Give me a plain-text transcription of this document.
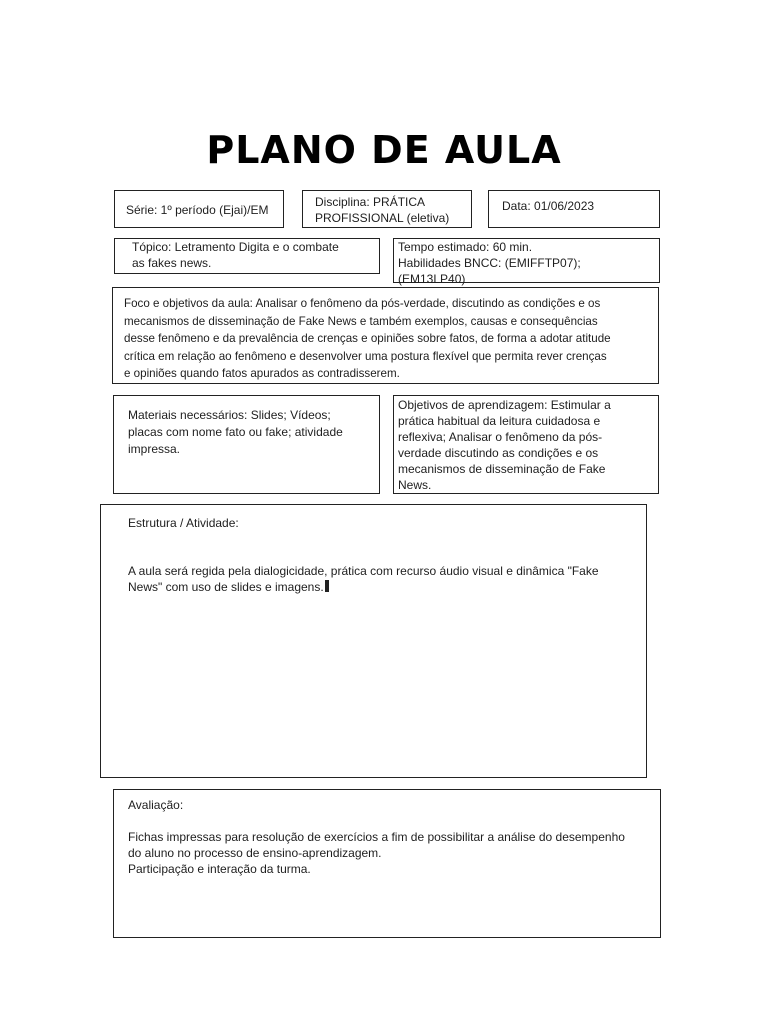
PLANO DE AULA

Série: 1º período (Ejai)/EM

Disciplina: PRÁTICA

PROFISSIONAL (eletiva)

Data: 01/06/2023

Tópico: Letramento Digita e o combate

as fakes news.

Tempo estimado: 60 min.

Habilidades BNCC: (EMIFFTP07);

(EM13LP40)

Foco e objetivos da aula: Analisar o fenômeno da pós-verdade, discutindo as condições e os

mecanismos de disseminação de Fake News e também exemplos, causas e consequências

desse fenômeno e da prevalência de crenças e opiniões sobre fatos, de forma a adotar atitude

crítica em relação ao fenômeno e desenvolver uma postura flexível que permita rever crenças

e opiniões quando fatos apurados as contradisserem.

Materiais necessários: Slides; Vídeos;

placas com nome fato ou fake; atividade

impressa.

Objetivos de aprendizagem: Estimular a

prática habitual da leitura cuidadosa e

reflexiva; Analisar o fenômeno da pós-

verdade discutindo as condições e os

mecanismos de disseminação de Fake

News.

Estrutura / Atividade:

A aula será regida pela dialogicidade, prática com recurso áudio visual e dinâmica "Fake

News" com uso de slides e imagens.

Avaliação:

Fichas impressas para resolução de exercícios a fim de possibilitar a análise do desempenho

do aluno no processo de ensino-aprendizagem.

Participação e interação da turma.
